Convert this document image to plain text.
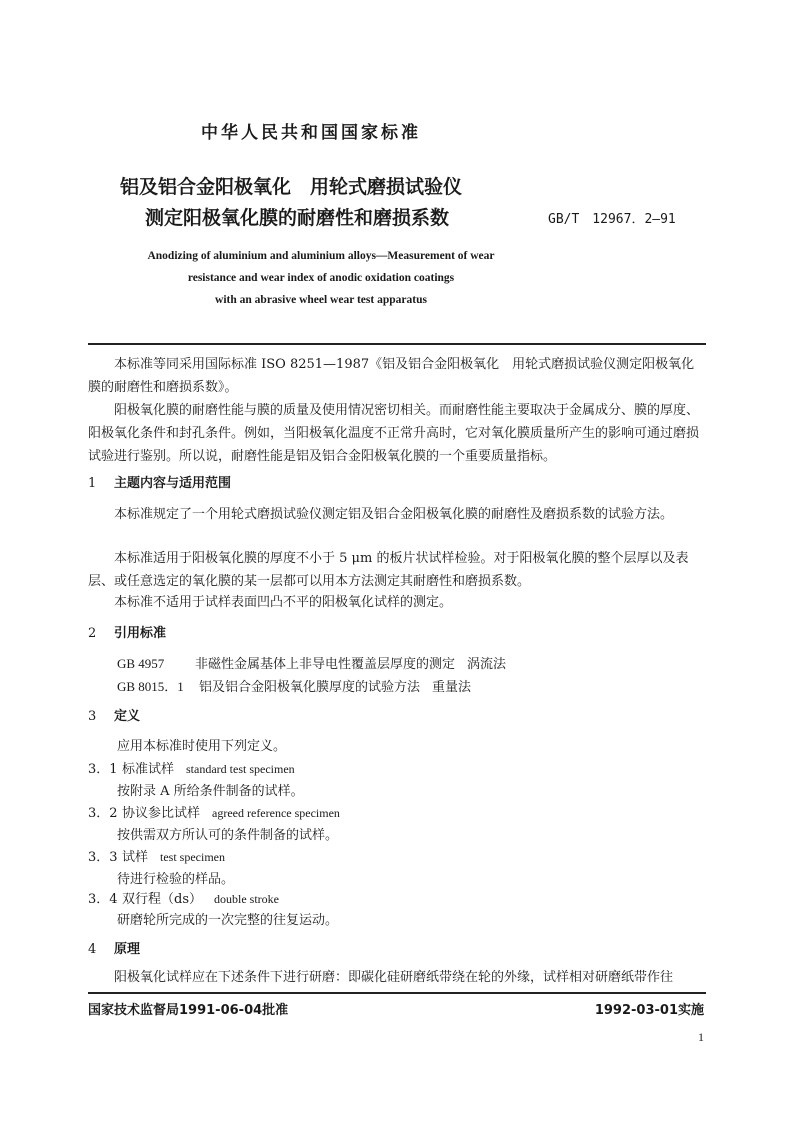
中华人民共和国国家标准
铝及铝合金阳极氧化　用轮式磨损试验仪
测定阳极氧化膜的耐磨性和磨损系数	GB/T　12967．2—91
Anodizing of aluminium and aluminium alloys—Measurement of wear
resistance and wear index of anodic oxidation coatings
with an abrasive wheel wear test apparatus

本标准等同采用国际标准 ISO 8251—1987《铝及铝合金阳极氧化　用轮式磨损试验仪测定阳极氧化膜的耐磨性和磨损系数》。

阳极氧化膜的耐磨性能与膜的质量及使用情况密切相关。而耐磨性能主要取决于金属成分、膜的厚度、阳极氧化条件和封孔条件。例如，当阳极氧化温度不正常升高时，它对氧化膜质量所产生的影响可通过磨损试验进行鉴别。所以说，耐磨性能是铝及铝合金阳极氧化膜的一个重要质量指标。

1 主题内容与适用范围

本标准规定了一个用轮式磨损试验仪测定铝及铝合金阳极氧化膜的耐磨性及磨损系数的试验方法。

本标准适用于阳极氧化膜的厚度不小于 5 μm 的板片状试样检验。对于阳极氧化膜的整个层厚以及表层、或任意选定的氧化膜的某一层都可以用本方法测定其耐磨性和磨损系数。

本标准不适用于试样表面凹凸不平的阳极氧化试样的测定。

2 引用标准
GB 4957 非磁性金属基体上非导电性覆盖层厚度的测定 涡流法
GB 8015．1 铝及铝合金阳极氧化膜厚度的试验方法 重量法
3 定义
应用本标准时使用下列定义。
3．1 标准试样 standard test specimen
按附录 A 所给条件制备的试样。
3．2 协议参比试样 agreed reference specimen
按供需双方所认可的条件制备的试样。
3．3 试样 test specimen
待进行检验的样品。
3．4 双行程（ds） double stroke
研磨轮所完成的一次完整的往复运动。
4 原理

阳极氧化试样应在下述条件下进行研磨：即碳化硅研磨纸带绕在轮的外缘，试样相对研磨纸带作往

国家技术监督局1991-06-04批准	1992-03-01实施
1
